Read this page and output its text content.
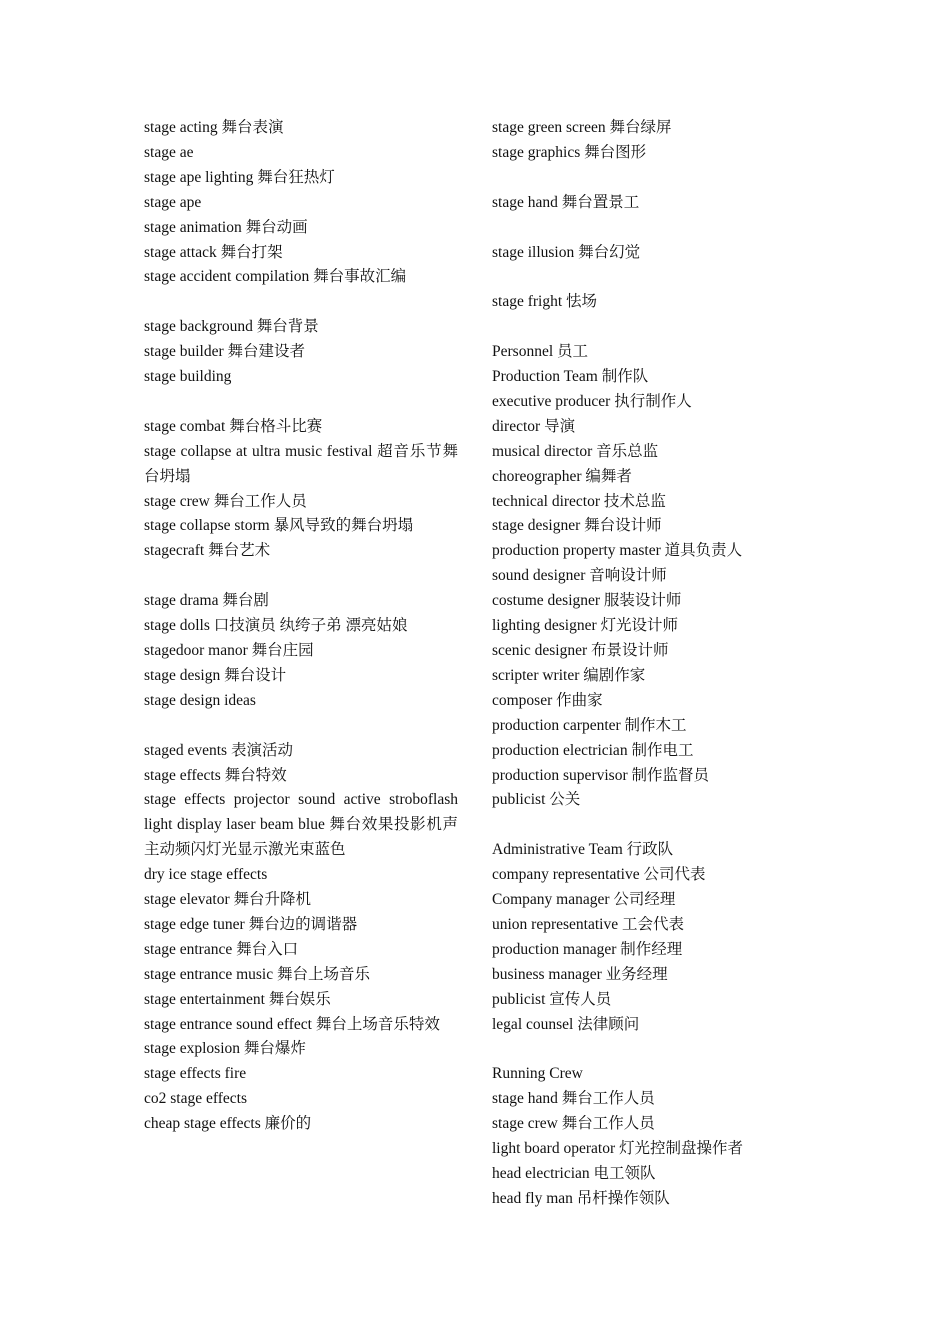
stage acting 舞台表演
stage ae
stage ape lighting 舞台狂热灯
stage ape
stage animation 舞台动画
stage attack 舞台打架
stage accident compilation 舞台事故汇编
stage background 舞台背景
stage builder 舞台建设者
stage building
stage combat 舞台格斗比赛
stage collapse at ultra music festival 超音乐节舞台坍塌
stage crew 舞台工作人员
stage collapse storm 暴风导致的舞台坍塌
stagecraft 舞台艺术
stage drama 舞台剧
stage dolls 口技演员 纨绔子弟 漂亮姑娘
stagedoor manor 舞台庄园
stage design 舞台设计
stage design ideas
staged events 表演活动
stage effects 舞台特效
stage effects projector sound active stroboflash light display laser beam blue 舞台效果投影机声主动频闪灯光显示激光束蓝色
dry ice stage effects
stage elevator 舞台升降机
stage edge tuner 舞台边的调谐器
stage entrance 舞台入口
stage entrance music 舞台上场音乐
stage entertainment 舞台娱乐
stage entrance sound effect 舞台上场音乐特效
stage explosion 舞台爆炸
stage effects fire
co2 stage effects
cheap stage effects 廉价的
stage green screen 舞台绿屏
stage graphics 舞台图形
stage hand 舞台置景工
stage illusion 舞台幻觉
stage fright 怯场
Personnel 员工
Production Team 制作队
executive producer 执行制作人
director 导演
musical director 音乐总监
choreographer 编舞者
technical director 技术总监
stage designer 舞台设计师
production property master 道具负责人
sound designer 音响设计师
costume designer 服装设计师
lighting designer 灯光设计师
scenic designer 布景设计师
scripter writer 编剧作家
composer 作曲家
production carpenter 制作木工
production electrician 制作电工
production supervisor 制作监督员
publicist 公关
Administrative Team 行政队
company representative 公司代表
Company manager 公司经理
union representative 工会代表
production manager 制作经理
business manager 业务经理
publicist 宣传人员
legal counsel 法律顾问
Running Crew
stage hand 舞台工作人员
stage crew 舞台工作人员
light board operator 灯光控制盘操作者
head electrician 电工领队
head fly man 吊杆操作领队
